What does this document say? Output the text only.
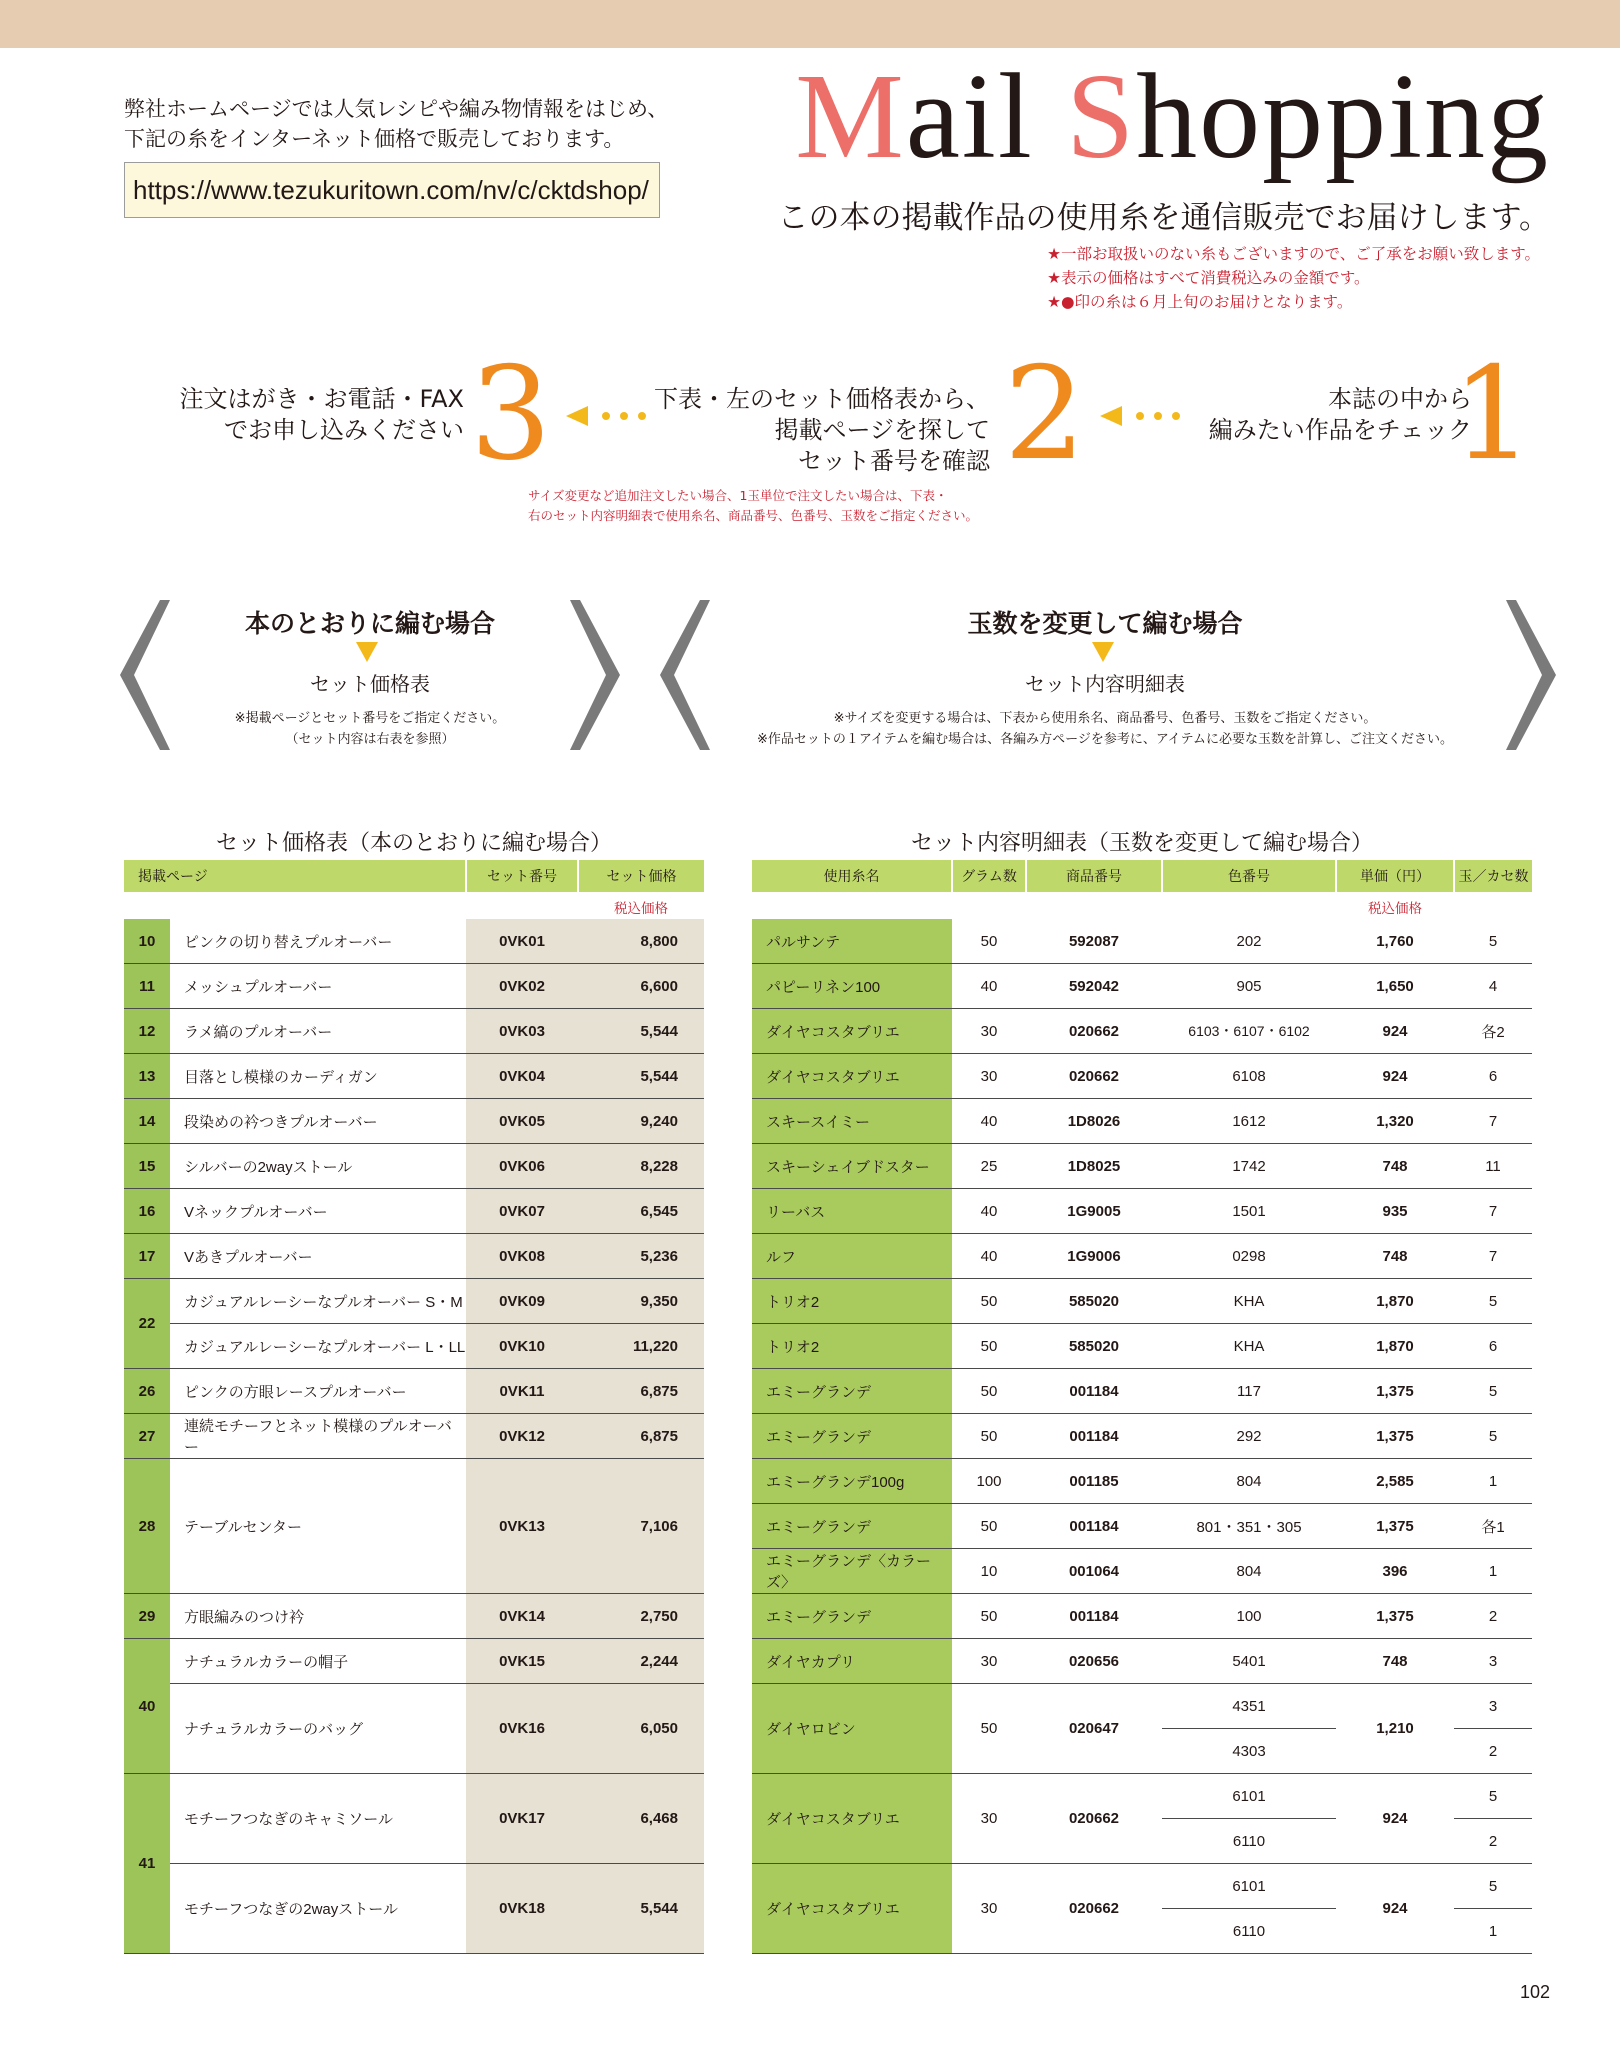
弊社ホームページでは人気レシピや編み物情報をはじめ、
下記の糸をインターネット価格で販売しております。
https://www.tezukuritown.com/nv/c/cktdshop/
Mail Shopping
この本の掲載作品の使用糸を通信販売でお届けします。
★一部お取扱いのない糸もございますので、ご了承をお願い致します。
★表示の価格はすべて消費税込みの金額です。
★●印の糸は６月上旬のお届けとなります。
本誌の中から
編みたい作品をチェック
1
下表・左のセット価格表から、
掲載ページを探して
セット番号を確認 2
注文はがき・お電話・FAX
でお申し込みください 3
サイズ変更など追加注文したい場合、1玉単位で注文したい場合は、下表・
右のセット内容明細表で使用糸名、商品番号、色番号、玉数をご指定ください。
本のとおりに編む場合
セット価格表
※掲載ページとセット番号をご指定ください。
（セット内容は右表を参照）
玉数を変更して編む場合
セット内容明細表
※サイズを変更する場合は、下表から使用糸名、商品番号、色番号、玉数をご指定ください。
※作品セットの１アイテムを編む場合は、各編み方ページを参考に、アイテムに必要な玉数を計算し、ご注文ください。
セット価格表（本のとおりに編む場合）	セット内容明細表（玉数を変更して編む場合）
掲載ページ		セット番号	セット価格
			税込価格
10	ピンクの切り替えプルオーバー	0VK01	8,800
11	メッシュプルオーバー	0VK02	6,600
12	ラメ縞のプルオーバー	0VK03	5,544
13	目落とし模様のカーディガン	0VK04	5,544
14	段染めの衿つきプルオーバー	0VK05	9,240
15	シルバーの2wayストール	0VK06	8,228
16	Vネックプルオーバー	0VK07	6,545
17	Vあきプルオーバー	0VK08	5,236
22	カジュアルレーシーなプルオーバー S・M	0VK09	9,350
	カジュアルレーシーなプルオーバー L・LL	0VK10	11,220
26	ピンクの方眼レースプルオーバー	0VK11	6,875
27	連続モチーフとネット模様のプルオーバー	0VK12	6,875
28	テーブルセンター	0VK13	7,106
29	方眼編みのつけ衿	0VK14	2,750
40	ナチュラルカラーの帽子	0VK15	2,244
	ナチュラルカラーのバッグ	0VK16	6,050
41	モチーフつなぎのキャミソール	0VK17	6,468
	モチーフつなぎの2wayストール	0VK18	5,544
使用糸名	グラム数	商品番号	色番号	単価（円）	玉／カセ数
				税込価格	
パルサンテ	50	592087	202	1,760	5
パピーリネン100	40	592042	905	1,650	4
ダイヤコスタブリエ	30	020662	6103・6107・6102	924	各2
ダイヤコスタブリエ	30	020662	6108	924	6
スキースイミー	40	1D8026	1612	1,320	7
スキーシェイブドスター	25	1D8025	1742	748	11
リーバス	40	1G9005	1501	935	7
ルフ	40	1G9006	0298	748	7
トリオ2	50	585020	KHA	1,870	5
トリオ2	50	585020	KHA	1,870	6
エミーグランデ	50	001184	117	1,375	5
エミーグランデ	50	001184	292	1,375	5
エミーグランデ100g	100	001185	804	2,585	1
エミーグランデ	50	001184	801・351・305	1,375	各1
エミーグランデ〈カラーズ〉	10	001064	804	396	1
エミーグランデ	50	001184	100	1,375	2
ダイヤカプリ	30	020656	5401	748	3
ダイヤロビン	50	020647	4351	1,210	3
			4303		2
ダイヤコスタブリエ	30	020662	6101	924	5
			6110		2
ダイヤコスタブリエ	30	020662	6101	924	5
			6110		1
102
